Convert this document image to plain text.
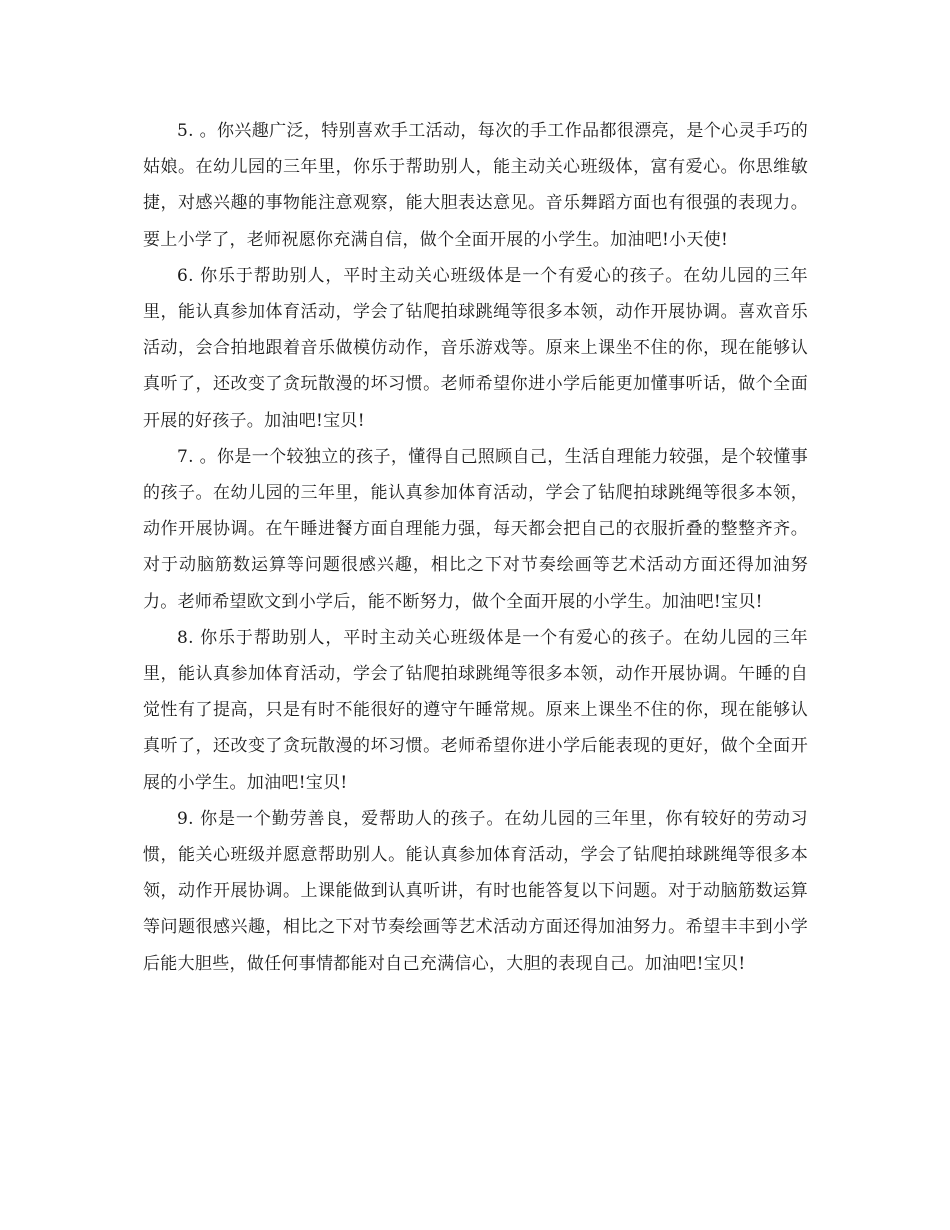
5. 。你兴趣广泛，特别喜欢手工活动，每次的手工作品都很漂亮，是个心灵手巧的姑娘。在幼儿园的三年里，你乐于帮助别人，能主动关心班级体，富有爱心。你思维敏捷，对感兴趣的事物能注意观察，能大胆表达意见。音乐舞蹈方面也有很强的表现力。要上小学了，老师祝愿你充满自信，做个全面开展的小学生。加油吧!小天使!

6. 你乐于帮助别人，平时主动关心班级体是一个有爱心的孩子。在幼儿园的三年里，能认真参加体育活动，学会了钻爬拍球跳绳等很多本领，动作开展协调。喜欢音乐活动，会合拍地跟着音乐做模仿动作，音乐游戏等。原来上课坐不住的你，现在能够认真听了，还改变了贪玩散漫的坏习惯。老师希望你进小学后能更加懂事听话，做个全面开展的好孩子。加油吧!宝贝!

7. 。你是一个较独立的孩子，懂得自己照顾自己，生活自理能力较强，是个较懂事的孩子。在幼儿园的三年里，能认真参加体育活动，学会了钻爬拍球跳绳等很多本领，动作开展协调。在午睡进餐方面自理能力强，每天都会把自己的衣服折叠的整整齐齐。对于动脑筋数运算等问题很感兴趣，相比之下对节奏绘画等艺术活动方面还得加油努力。老师希望欧文到小学后，能不断努力，做个全面开展的小学生。加油吧!宝贝!

8. 你乐于帮助别人，平时主动关心班级体是一个有爱心的孩子。在幼儿园的三年里，能认真参加体育活动，学会了钻爬拍球跳绳等很多本领，动作开展协调。午睡的自觉性有了提高，只是有时不能很好的遵守午睡常规。原来上课坐不住的你，现在能够认真听了，还改变了贪玩散漫的坏习惯。老师希望你进小学后能表现的更好，做个全面开展的小学生。加油吧!宝贝!

9. 你是一个勤劳善良，爱帮助人的孩子。在幼儿园的三年里，你有较好的劳动习惯，能关心班级并愿意帮助别人。能认真参加体育活动，学会了钻爬拍球跳绳等很多本领，动作开展协调。上课能做到认真听讲，有时也能答复以下问题。对于动脑筋数运算等问题很感兴趣，相比之下对节奏绘画等艺术活动方面还得加油努力。希望丰丰到小学后能大胆些，做任何事情都能对自己充满信心，大胆的表现自己。加油吧!宝贝!
